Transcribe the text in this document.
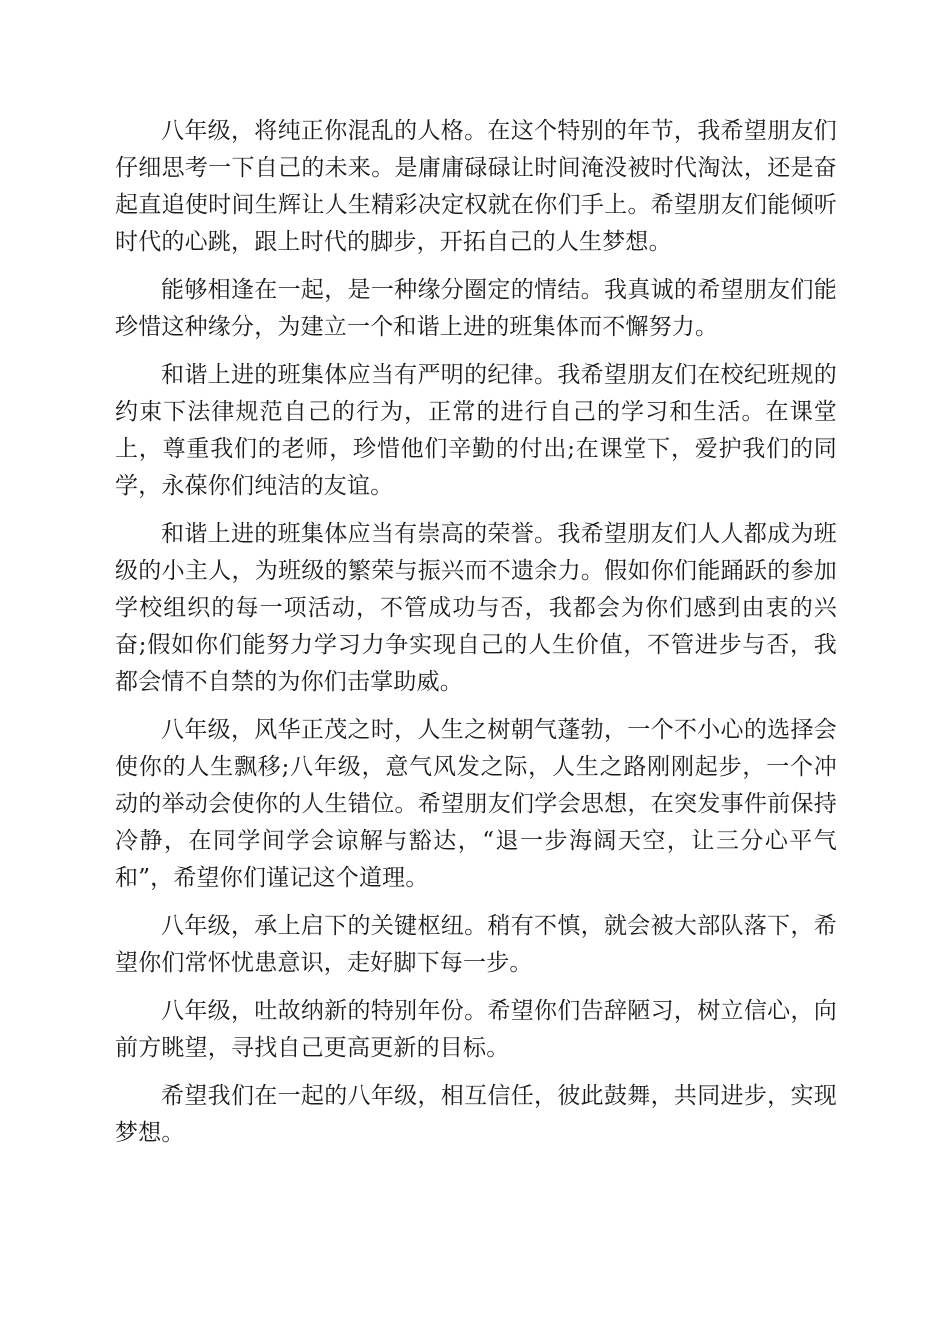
八年级，将纯正你混乱的人格。在这个特别的年节，我希望朋友们仔细思考一下自己的未来。是庸庸碌碌让时间淹没被时代淘汰，还是奋起直追使时间生辉让人生精彩决定权就在你们手上。希望朋友们能倾听时代的心跳，跟上时代的脚步，开拓自己的人生梦想。

能够相逢在一起，是一种缘分圈定的情结。我真诚的希望朋友们能珍惜这种缘分，为建立一个和谐上进的班集体而不懈努力。

和谐上进的班集体应当有严明的纪律。我希望朋友们在校纪班规的约束下法律规范自己的行为，正常的进行自己的学习和生活。在课堂上，尊重我们的老师，珍惜他们辛勤的付出;在课堂下，爱护我们的同学，永葆你们纯洁的友谊。

和谐上进的班集体应当有崇高的荣誉。我希望朋友们人人都成为班级的小主人，为班级的繁荣与振兴而不遗余力。假如你们能踊跃的参加学校组织的每一项活动，不管成功与否，我都会为你们感到由衷的兴奋;假如你们能努力学习力争实现自己的人生价值，不管进步与否，我都会情不自禁的为你们击掌助威。

八年级，风华正茂之时，人生之树朝气蓬勃，一个不小心的选择会使你的人生飘移;八年级，意气风发之际，人生之路刚刚起步，一个冲动的举动会使你的人生错位。希望朋友们学会思想，在突发事件前保持冷静，在同学间学会谅解与豁达，“退一步海阔天空，让三分心平气和”，希望你们谨记这个道理。

八年级，承上启下的关键枢纽。稍有不慎，就会被大部队落下，希望你们常怀忧患意识，走好脚下每一步。

八年级，吐故纳新的特别年份。希望你们告辞陋习，树立信心，向前方眺望，寻找自己更高更新的目标。

希望我们在一起的八年级，相互信任，彼此鼓舞，共同进步，实现梦想。
